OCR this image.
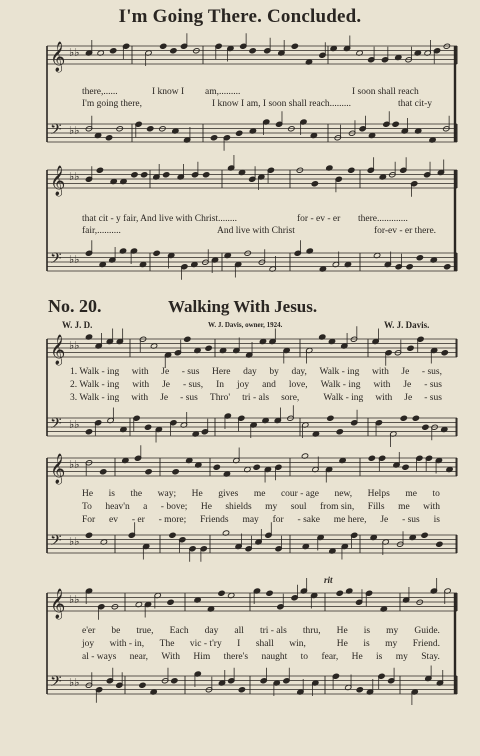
I'm Going There. Concluded.
𝄞 ♭♭
𝄢 ♭♭
𝄞 ♭♭
𝄢 ♭♭
𝄞 ♭♭
𝄢 ♭♭
𝄞 ♭♭
𝄢 ♭♭
𝄞 ♭♭
𝄢 ♭♭
there,......	I know I am,.........	I soon shall reach
I'm going there,	I know I am, I soon shall reach.........	that cit-y
that cit - y fair, And live with Christ........	for - ev - er there.............
fair,..........	And live with Christ	for-ev - er there.
No. 20.	Walking With Jesus.
W. J. D.	W. J. Davis, owner, 1924.	W. J. Davis.
rit
1. Walk - ing with Je - sus Here day by day, Walk - ing with Je - sus,
2. Walk - ing with Je - sus, In joy and love, Walk - ing with Je - sus
3. Walk - ing with Je - sus Thro' tri - als sore,	Walk - ing with Je - sus
He is the way; He gives me cour - age new, Helps me to
To heav'n a - bove; He shields my soul from sin, Fills me with
For ev - er - more; Friends may for - sake me here, Je - sus is
e'er be true, Each day all tri - als thru, He is my Guide.
joy with - in, The vic - t'ry I shall win,	He is my Friend.
al - ways near, With Him there's naught to fear, He is my Stay.
